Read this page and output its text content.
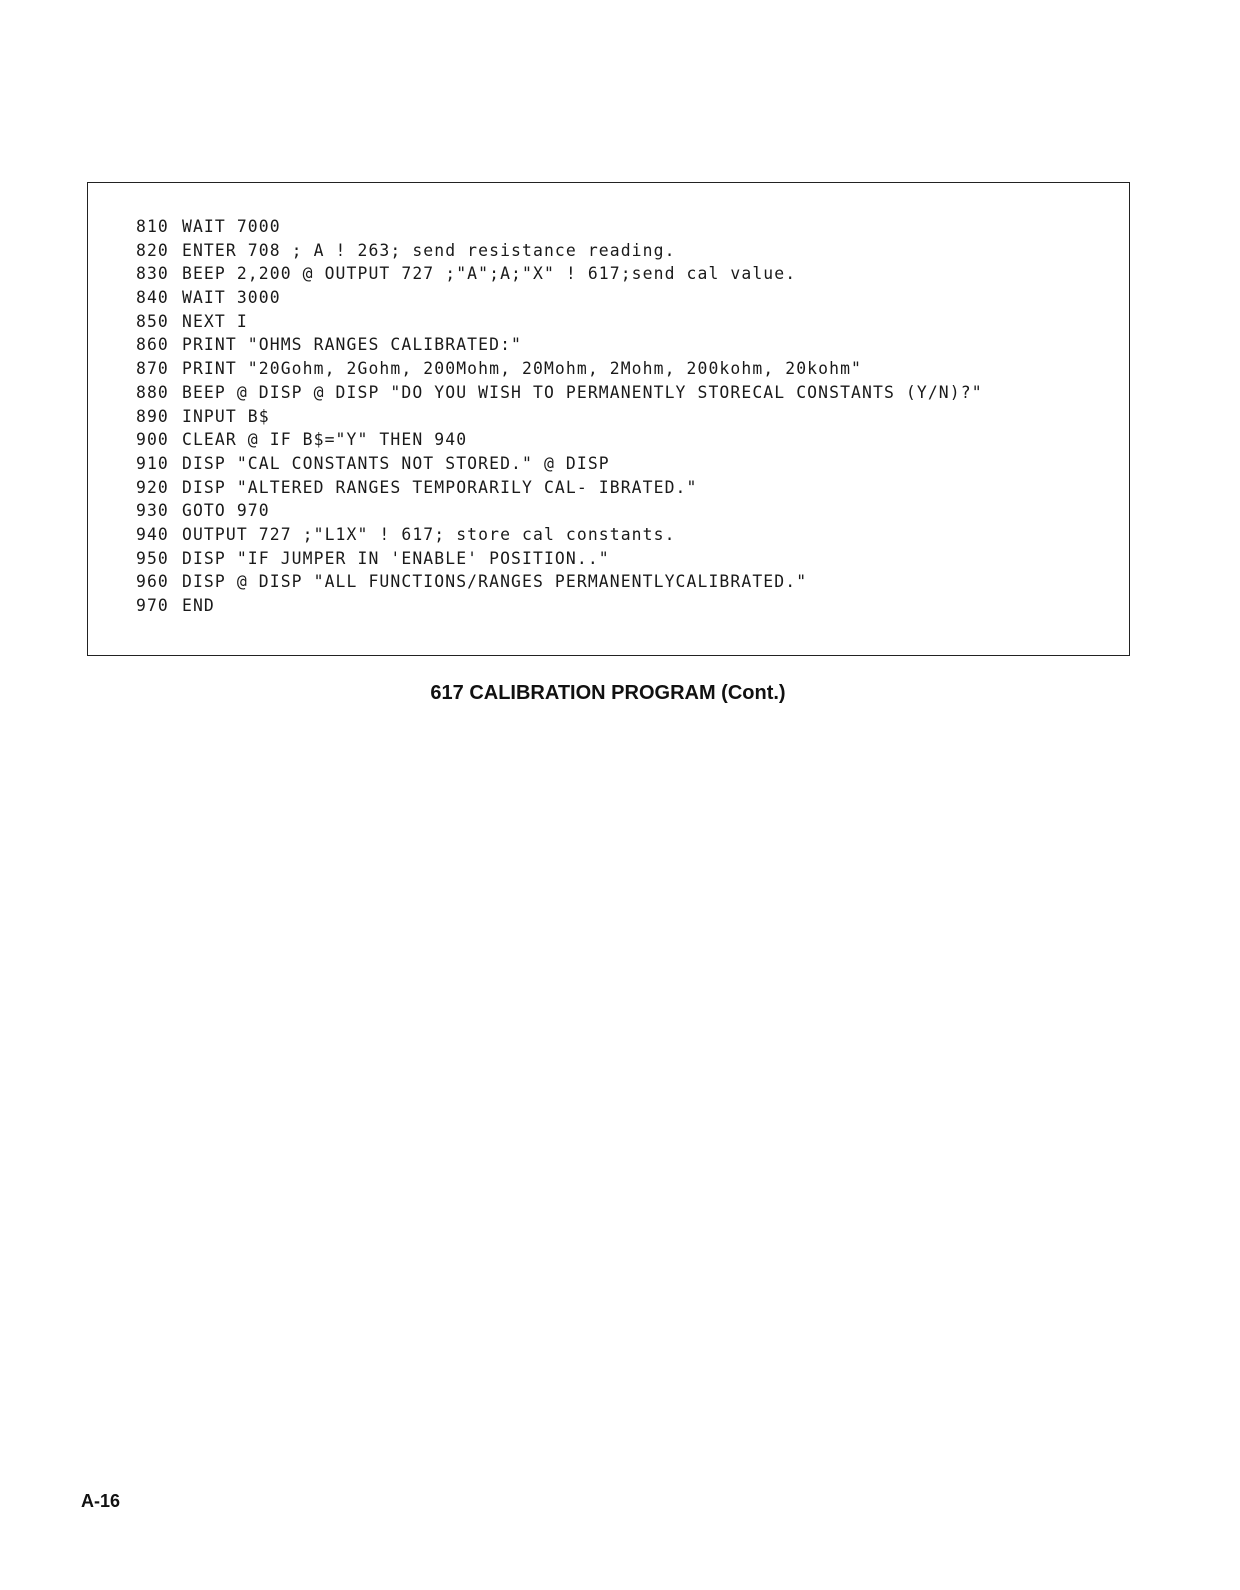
810 WAIT 7000
820 ENTER 708 ; A ! 263; send resistance reading.
830 BEEP 2,200 @ OUTPUT 727 ;"A";A;"X" ! 617;send cal value.
840 WAIT 3000
850 NEXT I
860 PRINT "OHMS RANGES CALIBRATED:"
870 PRINT "20Gohm, 2Gohm, 200Mohm, 20Mohm, 2Mohm, 200kohm, 20kohm"
880 BEEP @ DISP @ DISP "DO YOU WISH TO PERMANENTLY STORECAL CONSTANTS (Y/N)?"
890 INPUT B$
900 CLEAR @ IF B$="Y" THEN 940
910 DISP "CAL CONSTANTS NOT STORED." @ DISP
920 DISP "ALTERED RANGES TEMPORARILY CAL- IBRATED."
930 GOTO 970
940 OUTPUT 727 ;"L1X" ! 617; store cal constants.
950 DISP "IF JUMPER IN 'ENABLE' POSITION.."
960 DISP @ DISP "ALL FUNCTIONS/RANGES PERMANENTLYCALIBRATED."
970 END
617 CALIBRATION PROGRAM (Cont.)
A-16
